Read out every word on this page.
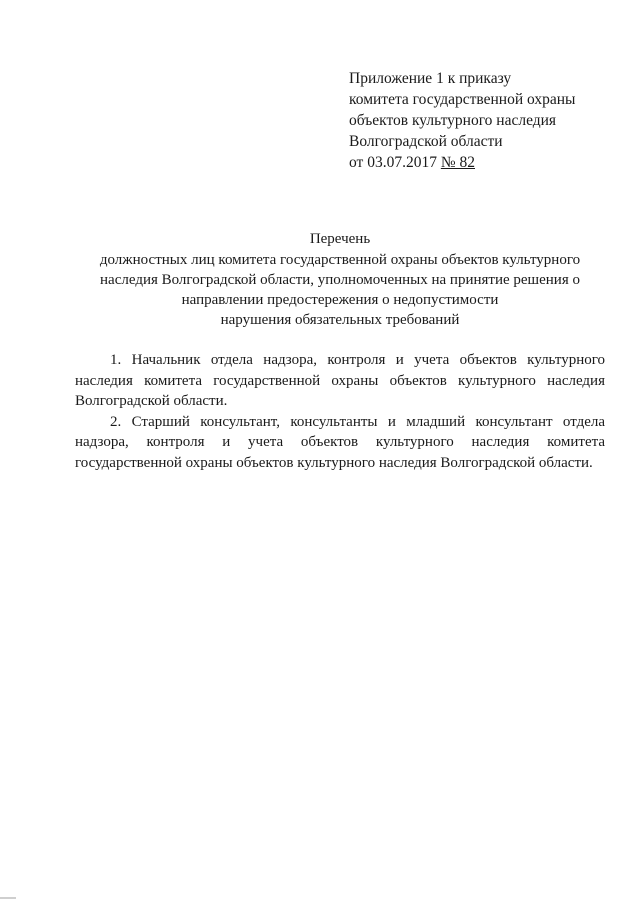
Приложение 1 к приказу
комитета государственной охраны
объектов культурного наследия
Волгоградской области
от 03.07.2017 № 82
Перечень
должностных лиц комитета государственной охраны объектов культурного
наследия Волгоградской области, уполномоченных на принятие решения о
направлении предостережения о недопустимости
нарушения обязательных требований

1. Начальник отдела надзора, контроля и учета объектов культурного наследия комитета государственной охраны объектов культурного наследия Волгоградской области.

2. Старший консультант, консультанты и младший консультант отдела надзора, контроля и учета объектов культурного наследия комитета государственной охраны объектов культурного наследия Волгоградской области.
